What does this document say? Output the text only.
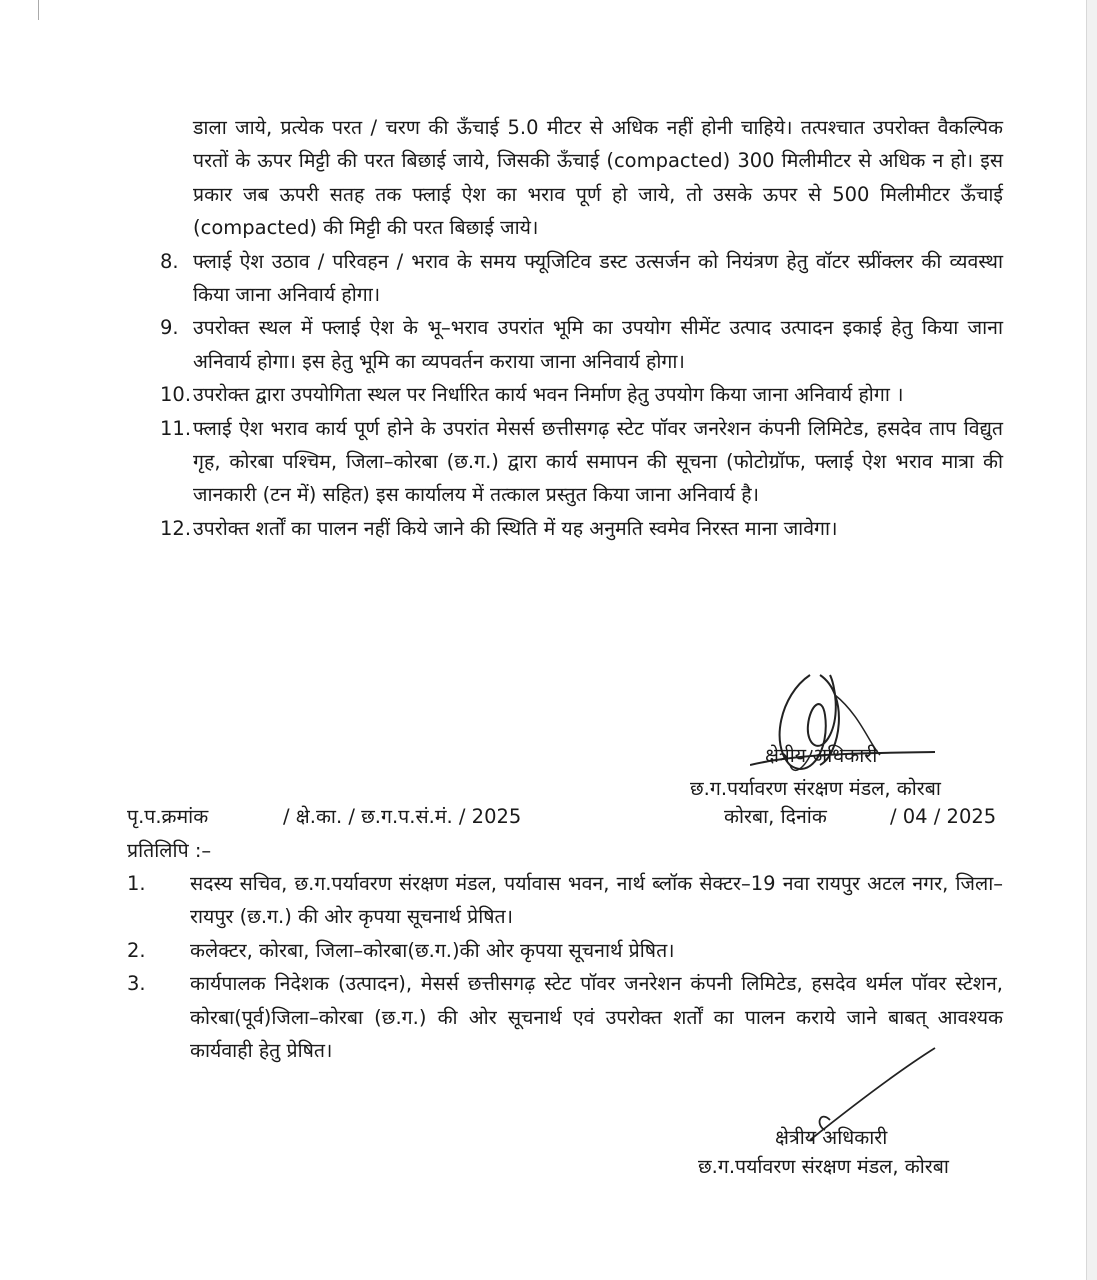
डाला जाये, प्रत्येक परत / चरण की ऊँचाई 5.0 मीटर से अधिक नहीं होनी चाहिये। तत्पश्चात उपरोक्त वैकल्पिक परतों के ऊपर मिट्टी की परत बिछाई जाये, जिसकी ऊँचाई (compacted) 300 मिलीमीटर से अधिक न हो। इस प्रकार जब ऊपरी सतह तक फ्लाई ऐश का भराव पूर्ण हो जाये, तो उसके ऊपर से 500 मिलीमीटर ऊँचाई (compacted) की मिट्टी की परत बिछाई जाये।
8. फ्लाई ऐश उठाव / परिवहन / भराव के समय फ्यूजिटिव डस्ट उत्सर्जन को नियंत्रण हेतु वॉटर स्प्रींक्लर की व्यवस्था किया जाना अनिवार्य होगा।
9. उपरोक्त स्थल में फ्लाई ऐश के भू–भराव उपरांत भूमि का उपयोग सीमेंट उत्पाद उत्पादन इकाई हेतु किया जाना अनिवार्य होगा। इस हेतु भूमि का व्यपवर्तन कराया जाना अनिवार्य होगा।
10. उपरोक्त द्वारा उपयोगिता स्थल पर निर्धारित कार्य भवन निर्माण हेतु उपयोग किया जाना अनिवार्य होगा ।
11. फ्लाई ऐश भराव कार्य पूर्ण होने के उपरांत मेसर्स छत्तीसगढ़ स्टेट पॉवर जनरेशन कंपनी लिमिटेड, हसदेव ताप विद्युत गृह, कोरबा पश्चिम, जिला–कोरबा (छ.ग.) द्वारा कार्य समापन की सूचना (फोटोग्रॉफ, फ्लाई ऐश भराव मात्रा की जानकारी (टन में) सहित) इस कार्यालय में तत्काल प्रस्तुत किया जाना अनिवार्य है।
12. उपरोक्त शर्तों का पालन नहीं किये जाने की स्थिति में यह अनुमति स्वमेव निरस्त माना जावेगा।
क्षेत्रीय अधिकारी
छ.ग.पर्यावरण संरक्षण मंडल, कोरबा
पृ.प.क्रमांक	/ क्षे.का. / छ.ग.प.सं.मं. / 2025	कोरबा, दिनांक	/ 04 / 2025
प्रतिलिपि :–
1. सदस्य सचिव, छ.ग.पर्यावरण संरक्षण मंडल, पर्यावास भवन, नार्थ ब्लॉक सेक्टर–19 नवा रायपुर अटल नगर, जिला–रायपुर (छ.ग.) की ओर कृपया सूचनार्थ प्रेषित।
2. कलेक्टर, कोरबा, जिला–कोरबा(छ.ग.)की ओर कृपया सूचनार्थ प्रेषित।
3. कार्यपालक निदेशक (उत्पादन), मेसर्स छत्तीसगढ़ स्टेट पॉवर जनरेशन कंपनी लिमिटेड, हसदेव थर्मल पॉवर स्टेशन, कोरबा(पूर्व)जिला–कोरबा (छ.ग.) की ओर सूचनार्थ एवं उपरोक्त शर्तों का पालन कराये जाने बाबत् आवश्यक कार्यवाही हेतु प्रेषित।
क्षेत्रीय अधिकारी
छ.ग.पर्यावरण संरक्षण मंडल, कोरबा
